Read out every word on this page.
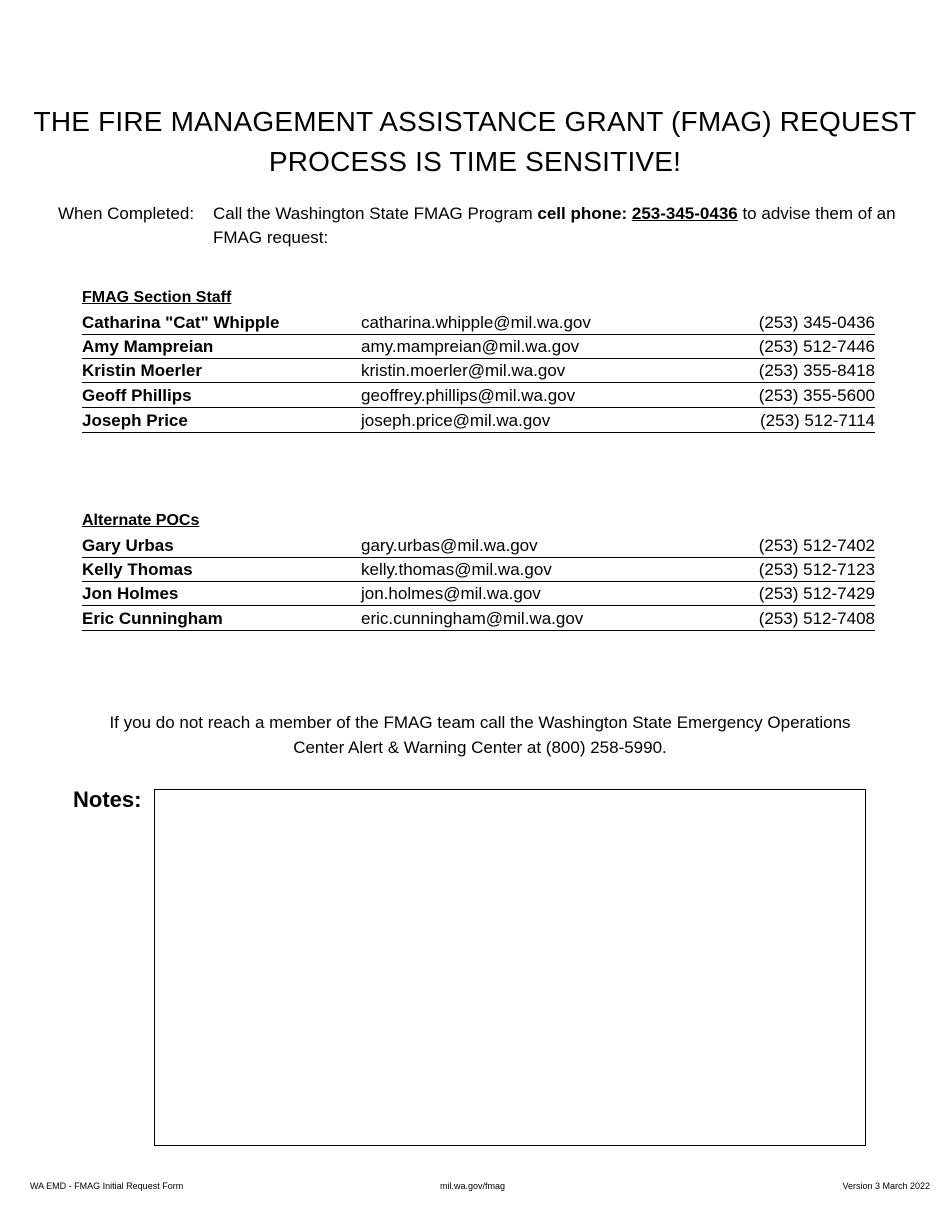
THE FIRE MANAGEMENT ASSISTANCE GRANT (FMAG) REQUEST
PROCESS IS TIME SENSITIVE!
When Completed: Call the Washington State FMAG Program cell phone: 253-345-0436 to advise them of an FMAG request:
FMAG Section Staff
Catharina "Cat" Whipple	catharina.whipple@mil.wa.gov	(253) 345-0436
Amy Mampreian	amy.mampreian@mil.wa.gov	(253) 512-7446
Kristin Moerler	kristin.moerler@mil.wa.gov	(253) 355-8418
Geoff Phillips	geoffrey.phillips@mil.wa.gov	(253) 355-5600
Joseph Price	joseph.price@mil.wa.gov	(253) 512-7114
Alternate POCs
Gary Urbas	gary.urbas@mil.wa.gov	(253) 512-7402
Kelly Thomas	kelly.thomas@mil.wa.gov	(253) 512-7123
Jon Holmes	jon.holmes@mil.wa.gov	(253) 512-7429
Eric Cunningham	eric.cunningham@mil.wa.gov	(253) 512-7408
If you do not reach a member of the FMAG team call the Washington State Emergency Operations
Center Alert & Warning Center at (800) 258-5990.
Notes:
WA EMD - FMAG Initial Request Form	mil.wa.gov/fmag	Version 3 March 2022
